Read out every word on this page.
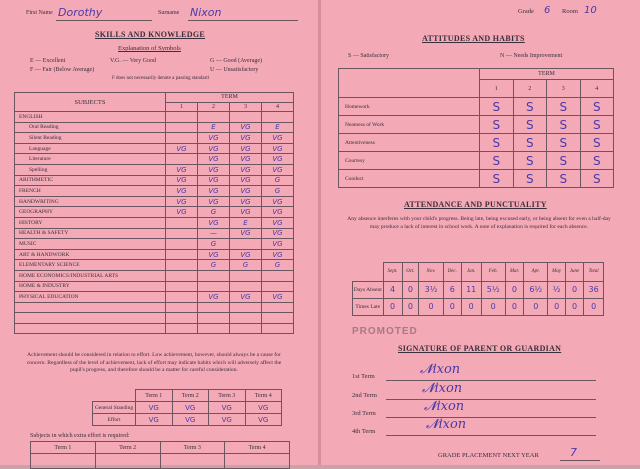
First Name Dorothy	Surname Nixon
SKILLS AND KNOWLEDGE
Explanation of Symbols
E — Excellent	V.G. — Very Good	G — Good (Average)
F — Fair (Below Average)	U — Unsatisfactory
F does not necessarily denote a passing standard
SUBJECTS	TERM			
	1	2	3	4
ENGLISH				
Oral Reading		E	VG	E
Silent Reading		VG	VG	VG
Language	VG	VG	VG	VG
Literature		VG	VG	VG
Spelling	VG	VG	VG	VG
ARITHMETIC	VG	VG	VG	G
FRENCH	VG	VG	VG	G
HANDWRITING	VG	VG	VG	VG
GEOGRAPHY	VG	G	VG	VG
HISTORY		VG	E	VG
HEALTH & SAFETY		—	VG	VG
MUSIC		G		VG
ART & HANDWORK		VG	VG	VG
ELEMENTARY SCIENCE		G	G	G
HOME ECONOMICS/INDUSTRIAL ARTS				
HOME & INDUSTRY				
PHYSICAL EDUCATION		VG	VG	VG

Achievement should be considered in relation to effort. Low achievement, however, should always be a cause for concern. Regardless of the level of achievement, lack of effort may indicate habits which will adversely affect the pupil's progress, and therefore should be a matter for careful consideration.
	Term 1	Term 2	Term 3	Term 4
General Standing	VG	VG	VG	VG
Effort	VG	VG	VG	VG
Subjects in which extra effort is required:
Term 1	Term 2	Term 3	Term 4

Grade 6 Room 10
ATTITUDES AND HABITS
S — Satisfactory	N — Needs Improvement
	TERM			
	1	2	3	4
Homework	S	S	S	S
Neatness of Work	S	S	S	S
Attentiveness	S	S	S	S
Courtesy	S	S	S	S
Conduct	S	S	S	S
ATTENDANCE AND PUNCTUALITY
Any absence interferes with your child's progress. Being late, being excused early, or being absent for even a half-day may produce a lack of interest in school work. A note of explanation is required for each absence.
	Sept.	Oct.	Nov.	Dec.	Jan.	Feb.	Mar.	Apr.	May	June	Total
Days Absent	4	0	3½	6	11	5½	0	6½	½	0	36
Times Late	0	0	0	0	0	0	0	0	0	0	0
PROMOTED
SIGNATURE OF PARENT OR GUARDIAN
1st Term
2nd Term
3rd Term
4th Term
𝓝ixon
𝓝ixon
𝓝ixon
𝓝ixon
GRADE PLACEMENT NEXT YEAR	7
